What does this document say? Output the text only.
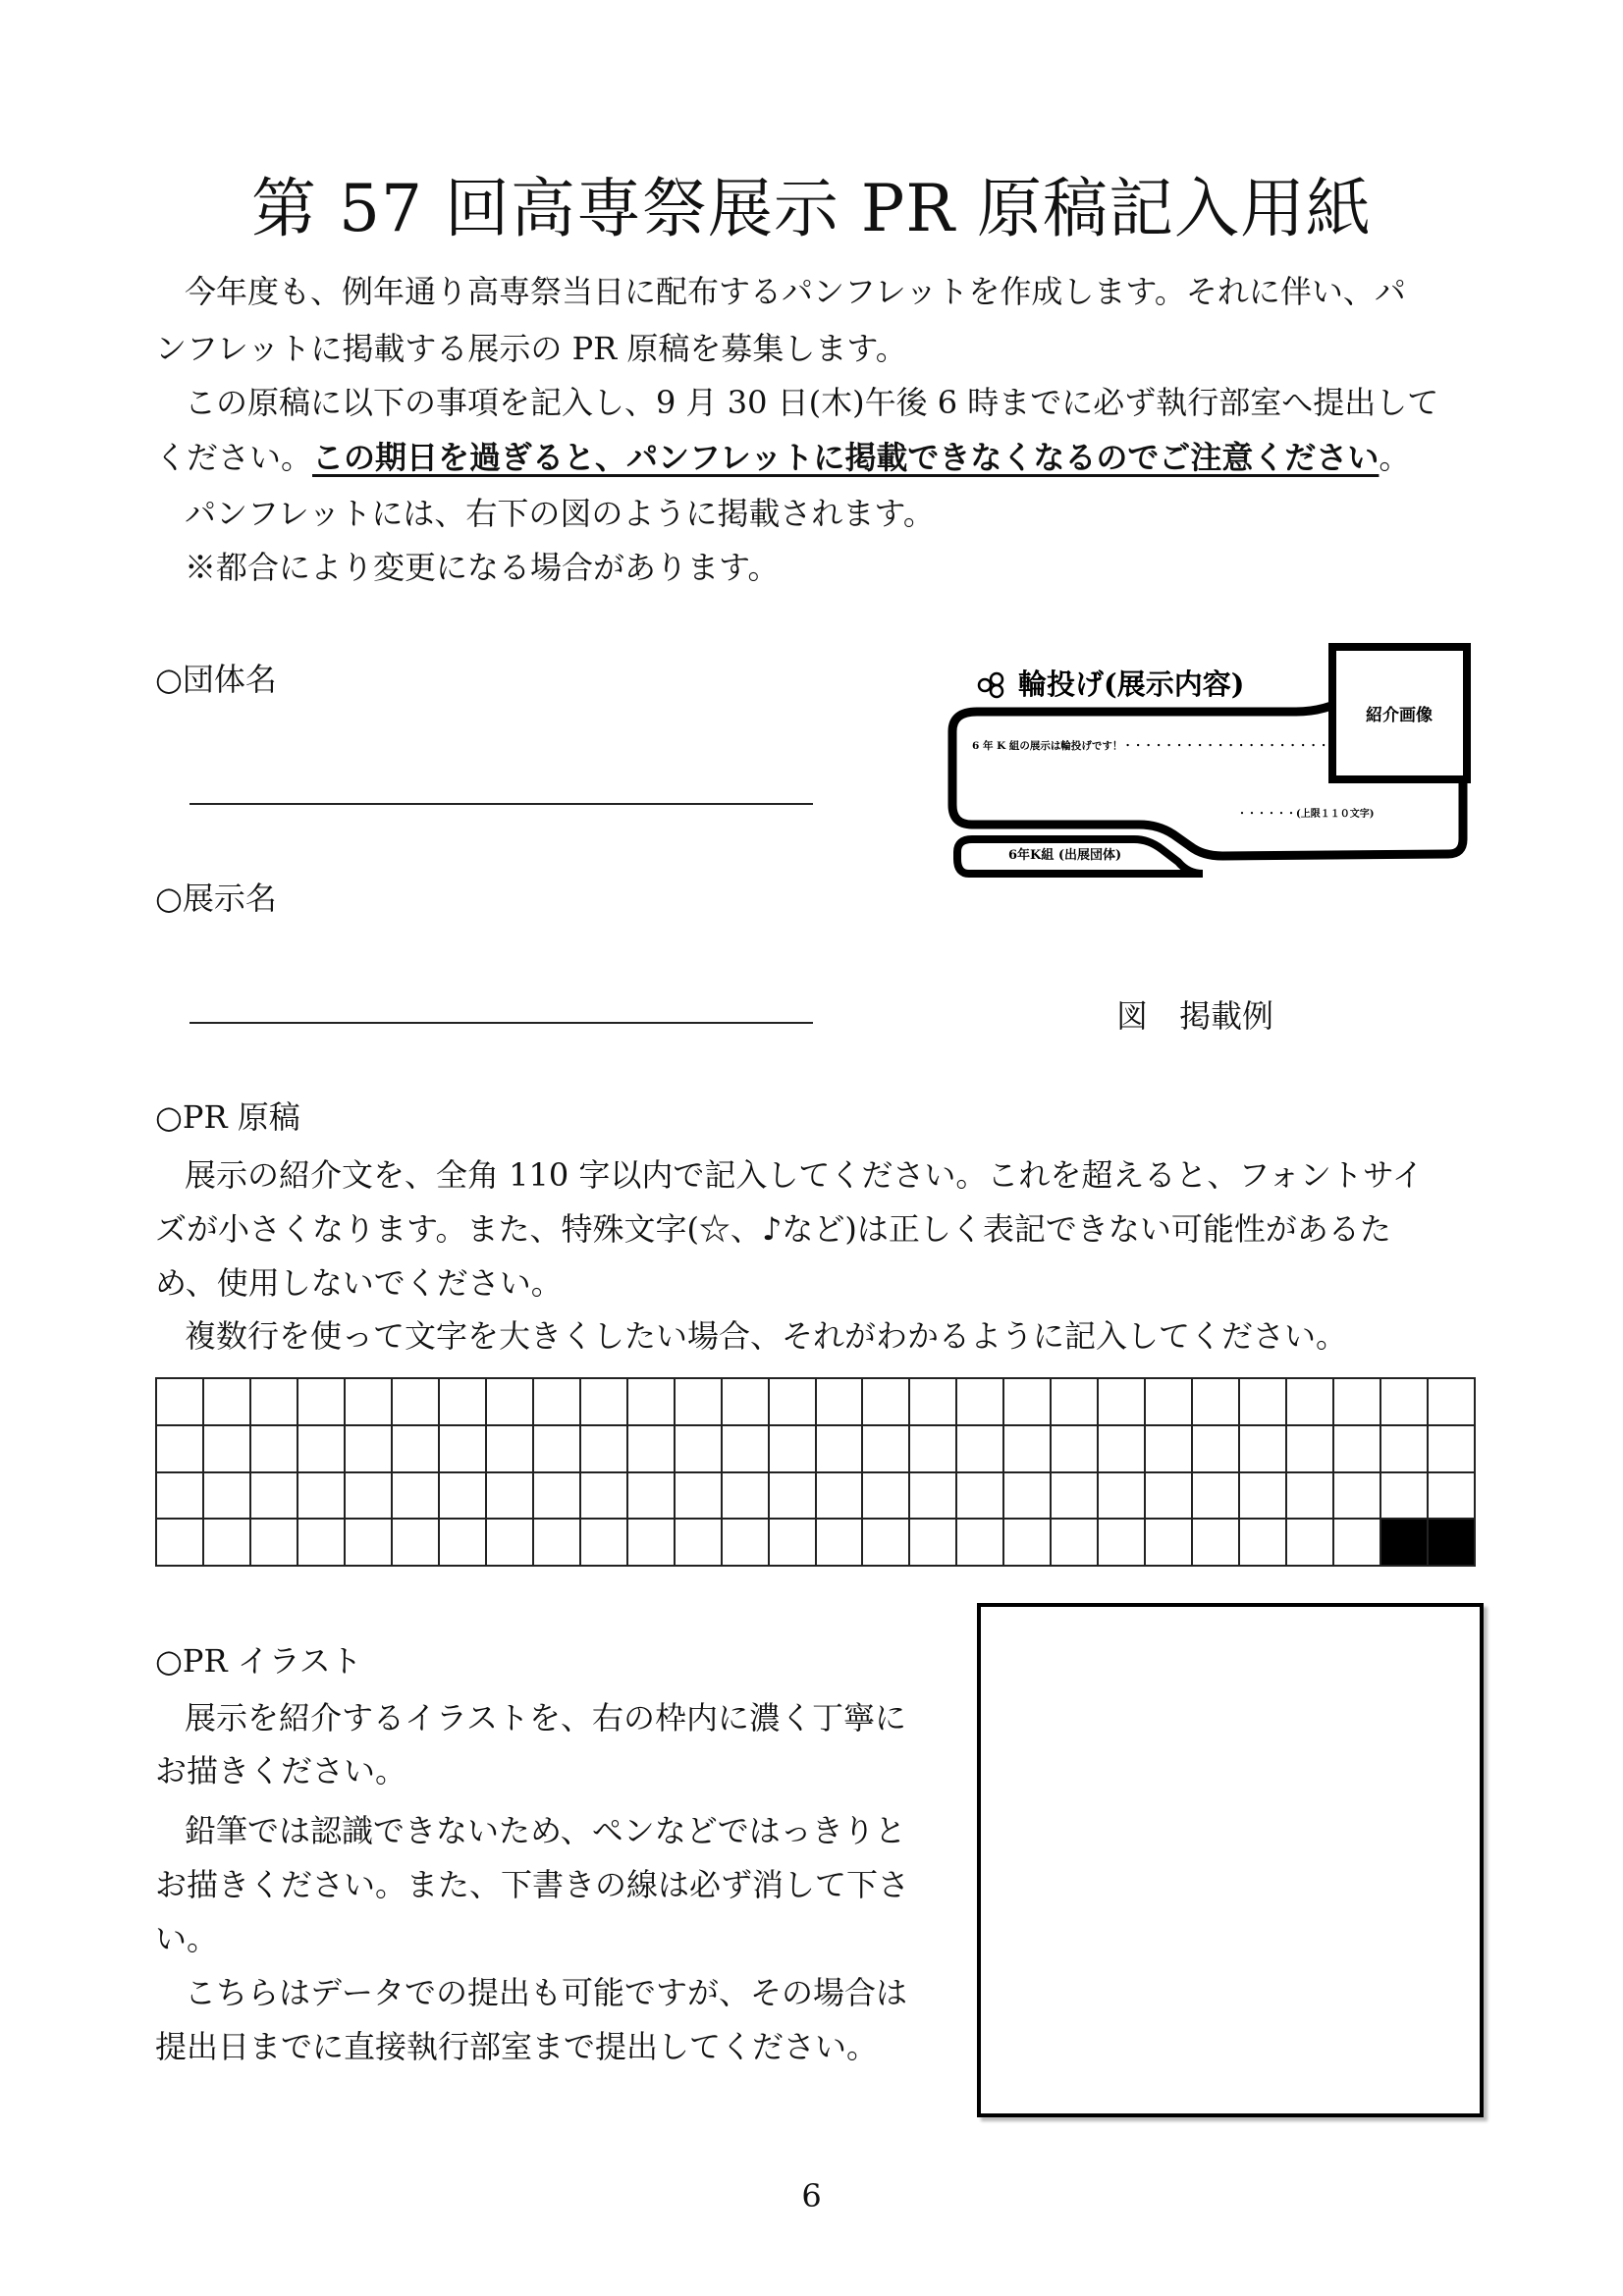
第 57 回高専祭展示 PR 原稿記入用紙
今年度も、例年通り高専祭当日に配布するパンフレットを作成します。それに伴い、パ
ンフレットに掲載する展示の PR 原稿を募集します。
この原稿に以下の事項を記入し、9 月 30 日(木)午後 6 時までに必ず執行部室へ提出して
ください。この期日を過ぎると、パンフレットに掲載できなくなるのでご注意ください。
パンフレットには、右下の図のように掲載されます。
※都合により変更になる場合があります。
○団体名
○展示名
紹介画像
輪投げ(展示内容)
6 年 K 組の展示は輪投げです！・・・・・・・・・・・・・・・・・・・・
・・・・・・(上限１１０文字)
6年K組 (出展団体)
図　掲載例
○PR 原稿
展示の紹介文を、全角 110 字以内で記入してください。これを超えると、フォントサイ
ズが小さくなります。また、特殊文字(☆、♪など)は正しく表記できない可能性があるた
め、使用しないでください。
複数行を使って文字を大きくしたい場合、それがわかるように記入してください。
○PR イラスト
展示を紹介するイラストを、右の枠内に濃く丁寧に
お描きください。
鉛筆では認識できないため、ペンなどではっきりと
お描きください。また、下書きの線は必ず消して下さ
い。
こちらはデータでの提出も可能ですが、その場合は
提出日までに直接執行部室まで提出してください。
6
